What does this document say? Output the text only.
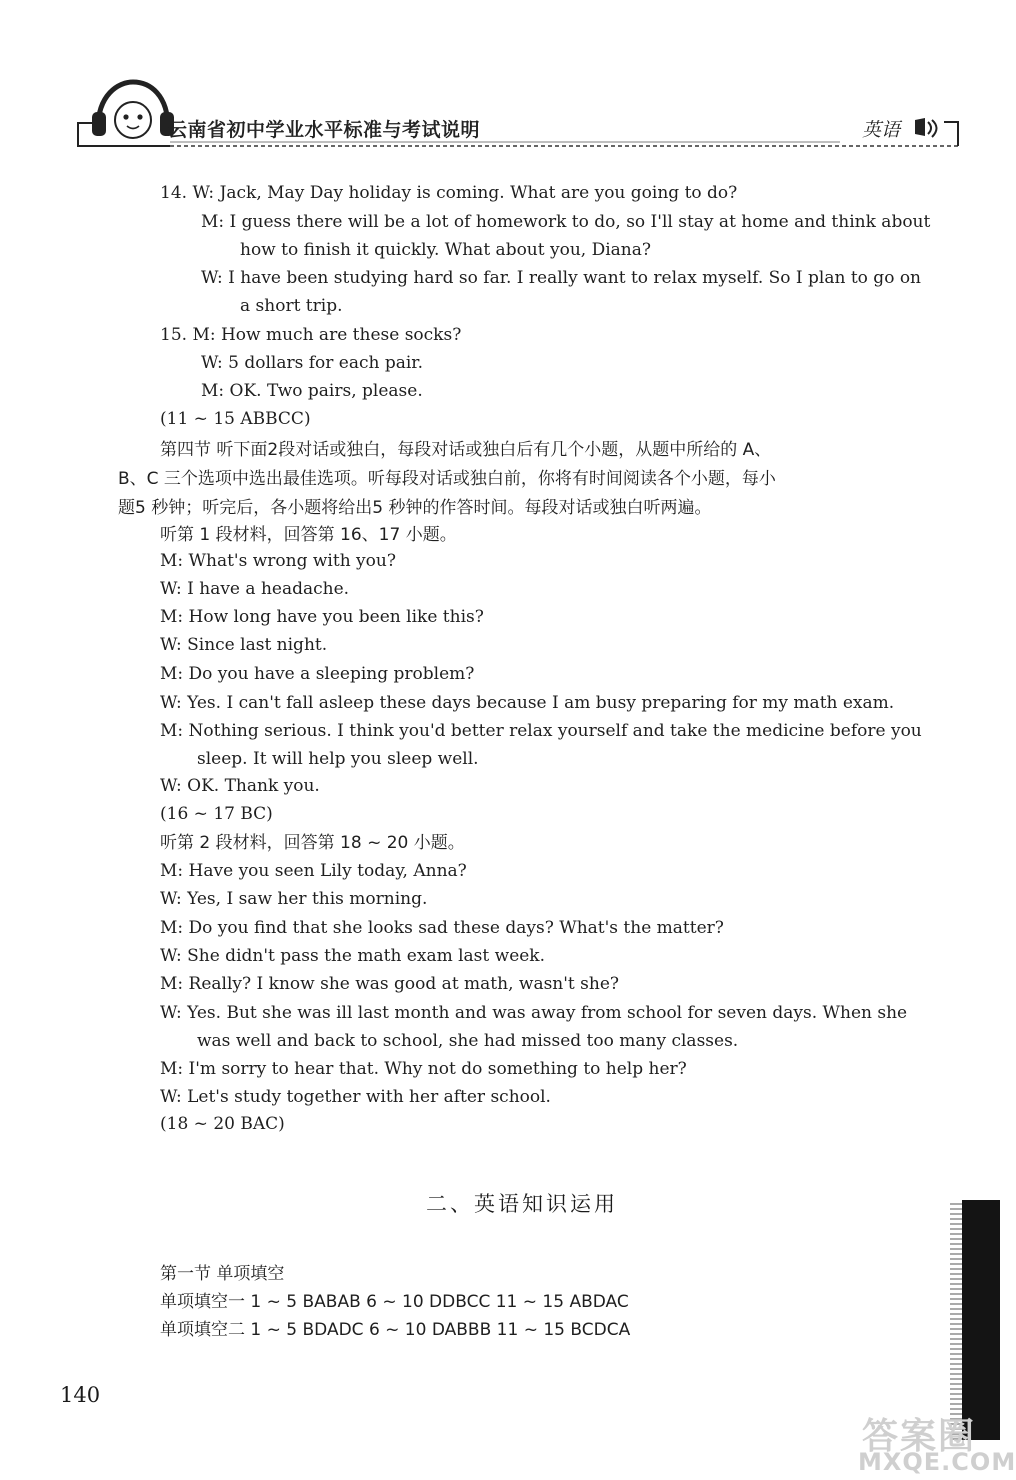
云南省初中学业水平标准与考试说明	英语
14. W: Jack, May Day holiday is coming. What are you going to do?
M: I guess there will be a lot of homework to do, so I'll stay at home and think about
how to finish it quickly. What about you, Diana?
W: I have been studying hard so far. I really want to relax myself. So I plan to go on
a short trip.
15. M: How much are these socks?
W: 5 dollars for each pair.
M: OK. Two pairs, please.
(11 ~ 15 ABBCC)
第四节 听下面2段对话或独白，每段对话或独白后有几个小题，从题中所给的 A、
B、C 三个选项中选出最佳选项。听每段对话或独白前，你将有时间阅读各个小题，每小
题5 秒钟；听完后，各小题将给出5 秒钟的作答时间。每段对话或独白听两遍。
听第 1 段材料，回答第 16、17 小题。
M: What's wrong with you?
W: I have a headache.
M: How long have you been like this?
W: Since last night.
M: Do you have a sleeping problem?
W: Yes. I can't fall asleep these days because I am busy preparing for my math exam.
M: Nothing serious. I think you'd better relax yourself and take the medicine before you
sleep. It will help you sleep well.
W: OK. Thank you.
(16 ~ 17 BC)
听第 2 段材料，回答第 18 ~ 20 小题。
M: Have you seen Lily today, Anna?
W: Yes, I saw her this morning.
M: Do you find that she looks sad these days? What's the matter?
W: She didn't pass the math exam last week.
M: Really? I know she was good at math, wasn't she?
W: Yes. But she was ill last month and was away from school for seven days. When she
was well and back to school, she had missed too many classes.
M: I'm sorry to hear that. Why not do something to help her?
W: Let's study together with her after school.
(18 ~ 20 BAC)
二、英语知识运用
第一节 单项填空
单项填空一 1 ~ 5 BABAB 6 ~ 10 DDBCC 11 ~ 15 ABDAC
单项填空二 1 ~ 5 BDADC 6 ~ 10 DABBB 11 ~ 15 BCDCA
140
答案圈
MXQE.COM
